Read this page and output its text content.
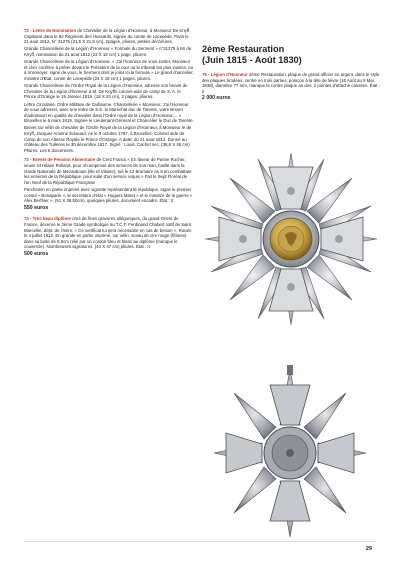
72 - Lettre de Nomination de Chevalier de la Légion d'Honneur, à Monsieur De Knyff, Capitaine dans le 8e Régiment des Hussards, signée du comte de Lacepède. Paris le 21 aout 1812, N° 31275 (21,5 X 21,5 cm), 2pages, pliures, petites déchirures.
Grande Chancellerie de la Légion d'Honneur « Formule du Serment » n°31275 à Mr de Knyff, nomination du 21 aout 1812 (23 X 18 cm) 1 page, pliures.
Grande Chancellerie de la Légion d'Honneur, « J'ai l'honneur de vous inviter, Monsieur et cher confrère à prêter devant le Président de la cour ou le tribunal les plus voisins, ou à m'envoyer, signé de vous, le Serment dont je joins ici la formule.» Le grand chancelier, ministre d'Etat, comte de Lacepède (24 X 18 cm) 1 pages, pliures.
Grande Chancellerie de l'Ordre Royal de la Légion d'Honneur, adresse son brevet de Chevalier de la Légion d'honneur à M. De Knyffn colonel aide de camp de S. A. le Prince d'Orange le 19 Janvier 1818. (18 X 24 cm), 2 pages, pliures.
Lettre Circulaire, Ordre Militaire de Guillaume. Chancellerie « Monsieur, J'ai l'Honneur de vous adresser, avec une lettre de S.E. le Maréchal duc de Tarente, votre Brevet d'admission en qualité de chevalier dans l'Ordre royal de la Légion d'Honneur,... » Bruxelles le 6 mars 1819. Signée le Lieutenant-Général et Chancelier le Duc de Tarente.
Brevet sur vélin de chevalier de l'Ordre Royal de la Légion d'Honneur, à Monsieur le de Knyff, Jacques Antoine Edouard, né le 9 octobre 1787, à Bruxelles, Colonel aide de Camp de son Altesse Royale le Prince d'Orange. A dater du 21 aout 1812. Donné au château des Tuileries le 30 décembre 1817. Signé : Louis. Cachet sec, (36,5 X 45 cm) Pliures. Les 6 documents.
73 - Brevet de Pension Alimentaire de Cent Francs,« En faveur de Parine Rocher, veuve St Hilaire Rolland, pour récompense des services de son mari, fusillé dans la Garde Nationale de Mezaubouin (Ille et Vilaine), tué le 13 Brumaire an 8 en combattant les ennemis de la République, pour suite d'un service requis.» Fait le Sept Floréal de l'an Neuf de la République Française
Parchemin en partie imprimé avec vignette représentant la république, signé le premier consul « Bonaparte », le secrétaire d'état « Hugues Maret » et le ministre de la guerre « Alex Berthier », (51 X 38,50cm), quelques pliures, document encadré. État : II
550 euros
74 - Très beau diplôme orné de fines gravures allégoriques, du grand Orient de France, décerné le 3ème Grade symbolique au T.C.F. Ferdinand Chabert natif de Saint Marcellin, dépt. de l'Isère. « Ce certificat lui sera nécessaire en cas de besoin ». Rouen le 4 juillet 1812. En grande en partie imprimé, sur vélin, sceau de cire rouge (fêlures) dans sa boite de 5,5cm relié par un cordon bleu et blanc au diplôme (manque le couvercle). Nombreuses signatures. (40 X 47 cm) pliures. État : II
500 euros
2ème Restauration
(Juin 1815 - Août 1830)
75 - Légion d'Honneur 2ème Restauration, plaque de grand officier en argent, dans le style des plaques brodées, centre en trois parties, poinçon à la tête de lièvre (16 Août au 9 Mai 1838), diamètre 77 mm, manque la contre plaque au dos, 2 pointes d'attache cassées. État : II
2 000 euros
29
